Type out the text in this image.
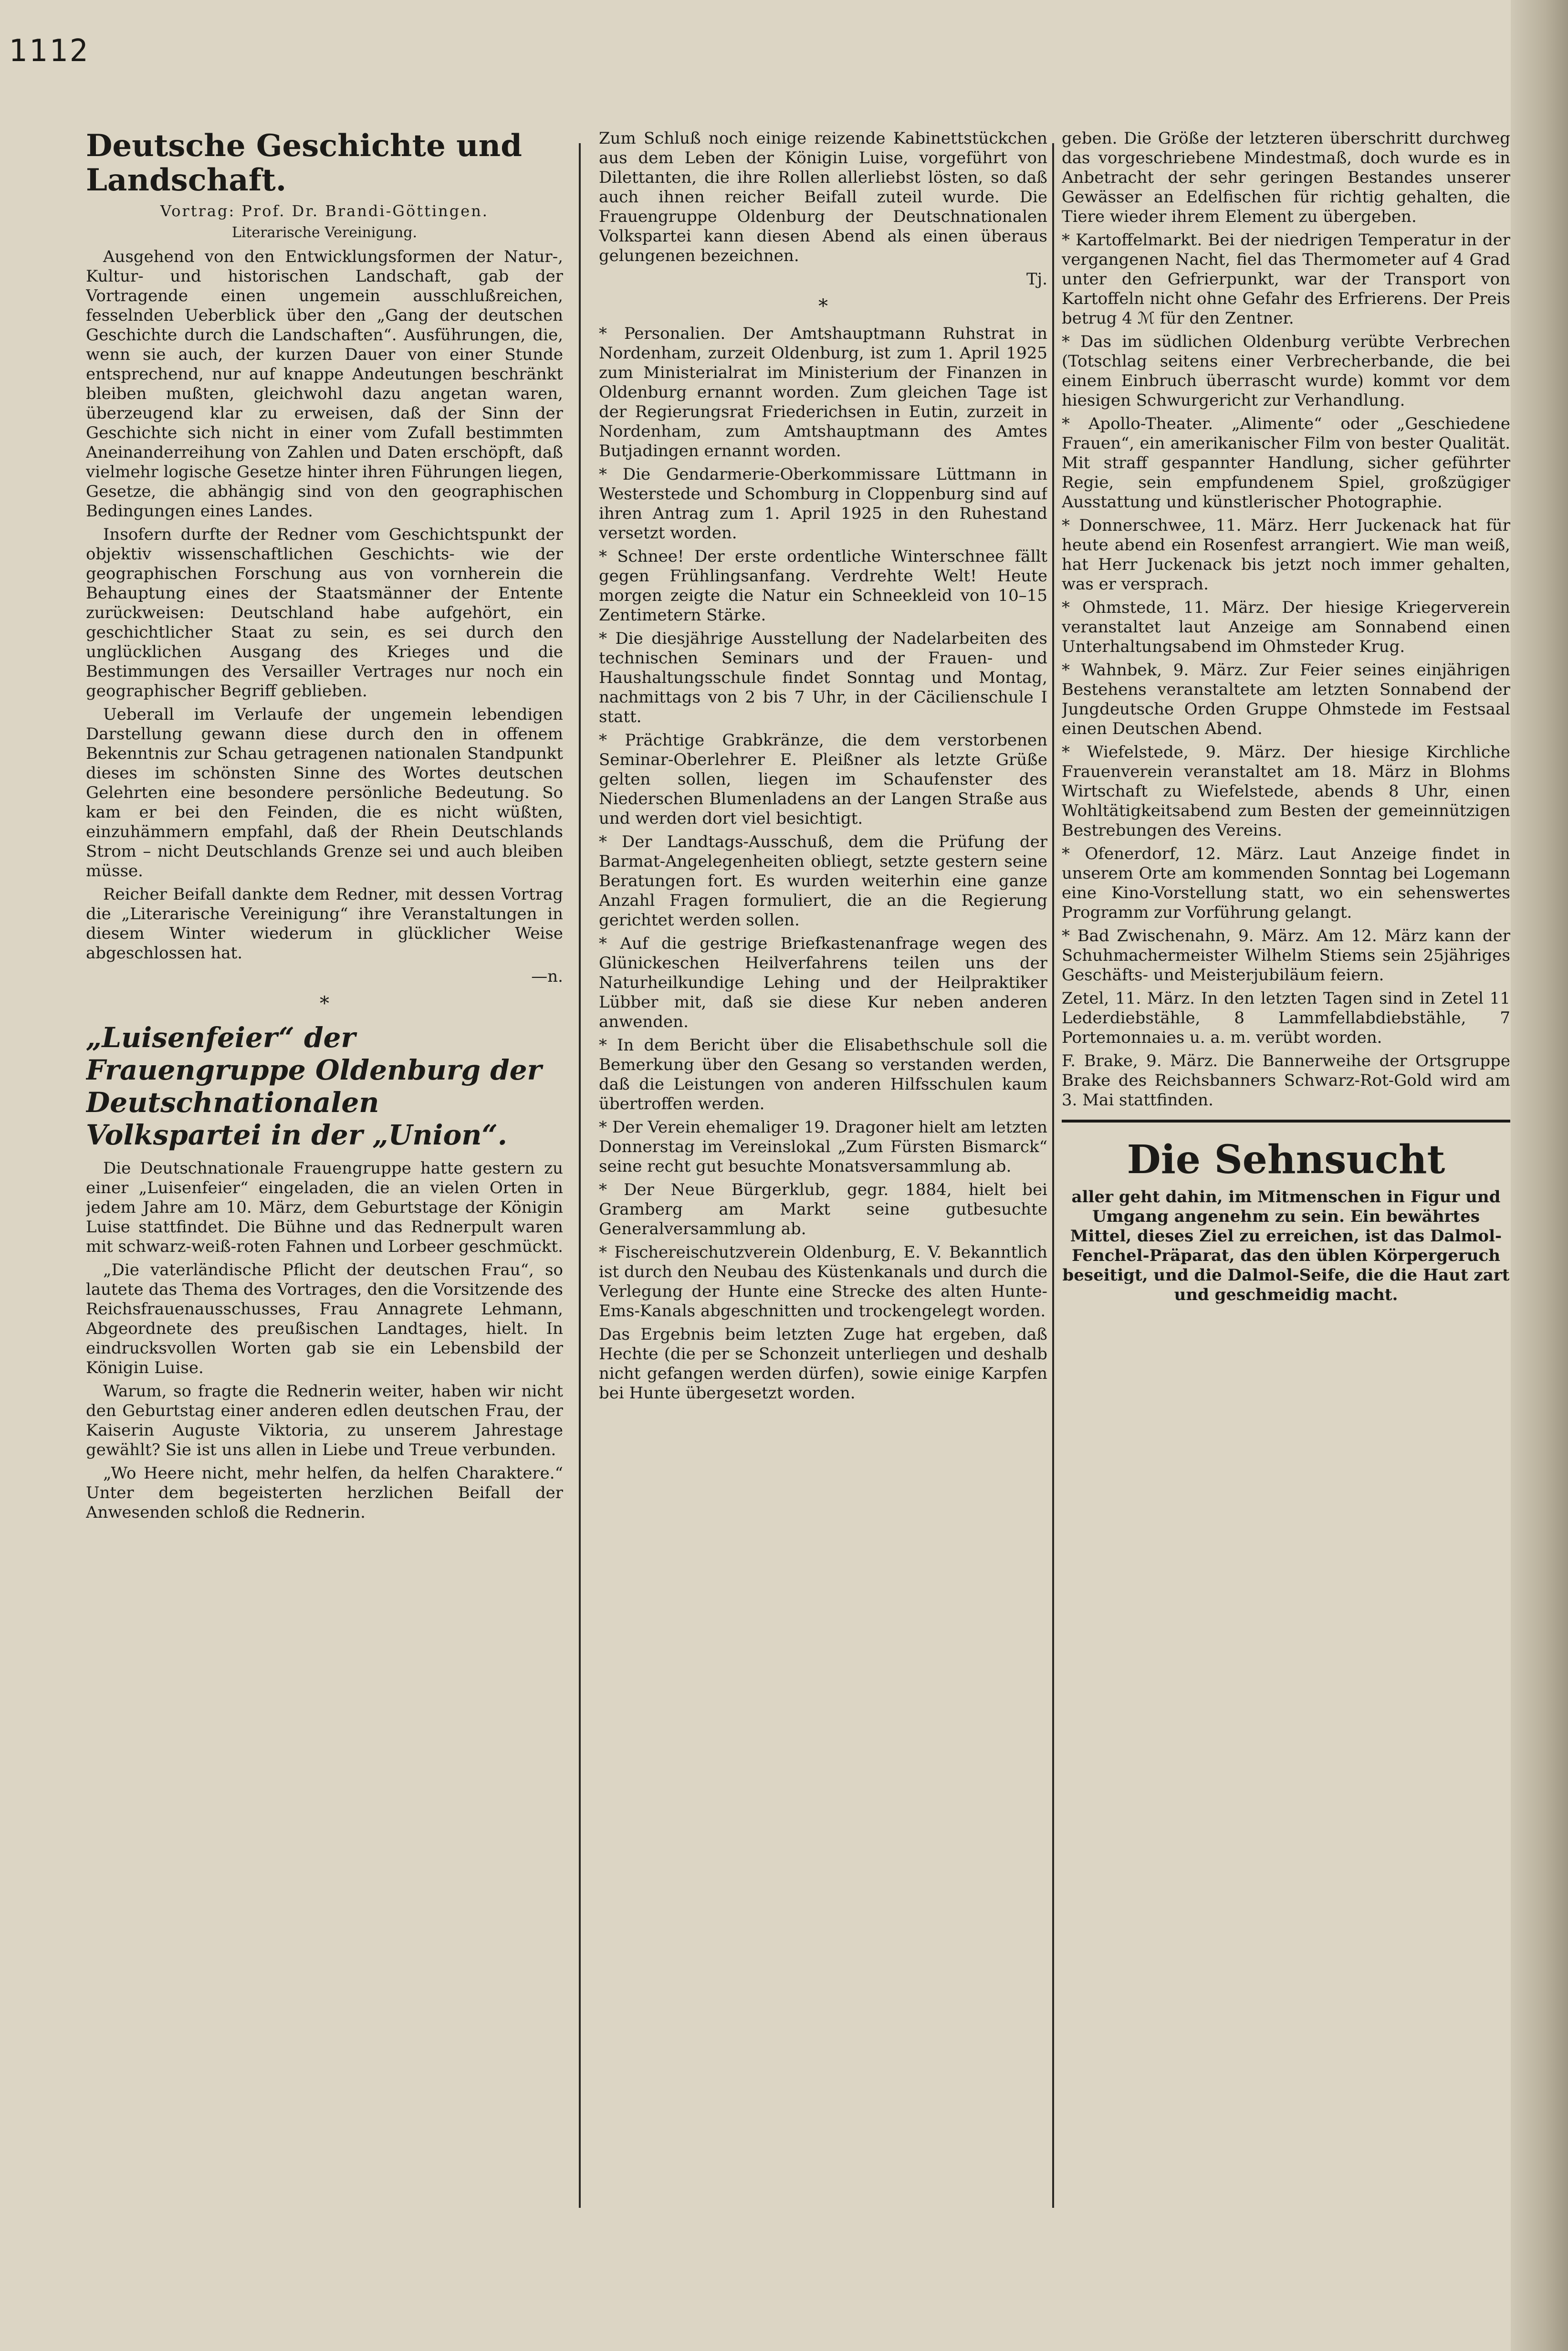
1112
Deutsche Geschichte und Landschaft.
Vortrag: Prof. Dr. Brandi-Göttingen.
Literarische Vereinigung.

Ausgehend von den Entwicklungsformen der Natur-, Kultur- und historischen Landschaft, gab der Vortragende einen ungemein ausschlußreichen, fesselnden Ueberblick über den „Gang der deutschen Geschichte durch die Landschaften“. Ausführungen, die, wenn sie auch, der kurzen Dauer von einer Stunde entsprechend, nur auf knappe Andeutungen beschränkt bleiben mußten, gleichwohl dazu angetan waren, überzeugend klar zu erweisen, daß der Sinn der Geschichte sich nicht in einer vom Zufall bestimmten Aneinanderreihung von Zahlen und Daten erschöpft, daß vielmehr logische Gesetze hinter ihren Führungen liegen, Gesetze, die abhängig sind von den geographischen Bedingungen eines Landes.

Insofern durfte der Redner vom Geschichtspunkt der objektiv wissenschaftlichen Geschichts- wie der geographischen Forschung aus von vornherein die Behauptung eines der Staatsmänner der Entente zurückweisen: Deutschland habe aufgehört, ein geschichtlicher Staat zu sein, es sei durch den unglücklichen Ausgang des Krieges und die Bestimmungen des Versailler Vertrages nur noch ein geographischer Begriff geblieben.

Ueberall im Verlaufe der ungemein lebendigen Darstellung gewann diese durch den in offenem Bekenntnis zur Schau getragenen nationalen Standpunkt dieses im schönsten Sinne des Wortes deutschen Gelehrten eine besondere persönliche Bedeutung. So kam er bei den Feinden, die es nicht wüßten, einzuhämmern empfahl, daß der Rhein Deutschlands Strom – nicht Deutschlands Grenze sei und auch bleiben müsse.

Reicher Beifall dankte dem Redner, mit dessen Vortrag die „Literarische Vereinigung“ ihre Veranstaltungen in diesem Winter wiederum in glücklicher Weise abgeschlossen hat.

—n.
*
„Luisenfeier“ der Frauengruppe Oldenburg der Deutschnationalen Volkspartei in der „Union“.

Die Deutschnationale Frauengruppe hatte gestern zu einer „Luisenfeier“ eingeladen, die an vielen Orten in jedem Jahre am 10. März, dem Geburtstage der Königin Luise stattfindet. Die Bühne und das Rednerpult waren mit schwarz-weiß-roten Fahnen und Lorbeer geschmückt.

„Die vaterländische Pflicht der deutschen Frau“, so lautete das Thema des Vortrages, den die Vorsitzende des Reichsfrauenausschusses, Frau Annagrete Lehmann, Abgeordnete des preußischen Landtages, hielt. In eindrucksvollen Worten gab sie ein Lebensbild der Königin Luise.

Warum, so fragte die Rednerin weiter, haben wir nicht den Geburtstag einer anderen edlen deutschen Frau, der Kaiserin Auguste Viktoria, zu unserem Jahrestage gewählt? Sie ist uns allen in Liebe und Treue verbunden.

„Wo Heere nicht, mehr helfen, da helfen Charaktere.“ Unter dem begeisterten herzlichen Beifall der Anwesenden schloß die Rednerin.

Zum Schluß noch einige reizende Kabinettstückchen aus dem Leben der Königin Luise, vorgeführt von Dilettanten, die ihre Rollen allerliebst lösten, so daß auch ihnen reicher Beifall zuteil wurde. Die Frauengruppe Oldenburg der Deutschnationalen Volkspartei kann diesen Abend als einen überaus gelungenen bezeichnen.

Tj.
*

* Personalien. Der Amtshauptmann Ruhstrat in Nordenham, zurzeit Oldenburg, ist zum 1. April 1925 zum Ministerialrat im Ministerium der Finanzen in Oldenburg ernannt worden. Zum gleichen Tage ist der Regierungsrat Friederichsen in Eutin, zurzeit in Nordenham, zum Amtshauptmann des Amtes Butjadingen ernannt worden.

* Die Gendarmerie-Oberkommissare Lüttmann in Westerstede und Schomburg in Cloppenburg sind auf ihren Antrag zum 1. April 1925 in den Ruhestand versetzt worden.

* Schnee! Der erste ordentliche Winterschnee fällt gegen Frühlingsanfang. Verdrehte Welt! Heute morgen zeigte die Natur ein Schneekleid von 10–15 Zentimetern Stärke.

* Die diesjährige Ausstellung der Nadelarbeiten des technischen Seminars und der Frauen- und Haushaltungsschule findet Sonntag und Montag, nachmittags von 2 bis 7 Uhr, in der Cäcilienschule I statt.

* Prächtige Grabkränze, die dem verstorbenen Seminar-Oberlehrer E. Pleißner als letzte Grüße gelten sollen, liegen im Schaufenster des Niederschen Blumenladens an der Langen Straße aus und werden dort viel besichtigt.

* Der Landtags-Ausschuß, dem die Prüfung der Barmat-Angelegenheiten obliegt, setzte gestern seine Beratungen fort. Es wurden weiterhin eine ganze Anzahl Fragen formuliert, die an die Regierung gerichtet werden sollen.

* Auf die gestrige Briefkastenanfrage wegen des Glünickeschen Heilverfahrens teilen uns der Naturheilkundige Lehing und der Heilpraktiker Lübber mit, daß sie diese Kur neben anderen anwenden.

* In dem Bericht über die Elisabethschule soll die Bemerkung über den Gesang so verstanden werden, daß die Leistungen von anderen Hilfsschulen kaum übertroffen werden.

* Der Verein ehemaliger 19. Dragoner hielt am letzten Donnerstag im Vereinslokal „Zum Fürsten Bismarck“ seine recht gut besuchte Monatsversammlung ab.

* Der Neue Bürgerklub, gegr. 1884, hielt bei Gramberg am Markt seine gutbesuchte Generalversammlung ab.

* Fischereischutzverein Oldenburg, E. V. Bekanntlich ist durch den Neubau des Küstenkanals und durch die Verlegung der Hunte eine Strecke des alten Hunte-Ems-Kanals abgeschnitten und trockengelegt worden.

Das Ergebnis beim letzten Zuge hat ergeben, daß Hechte (die per se Schonzeit unterliegen und deshalb nicht gefangen werden dürfen), sowie einige Karpfen bei Hunte übergesetzt worden.

geben. Die Größe der letzteren überschritt durchweg das vorgeschriebene Mindestmaß, doch wurde es in Anbetracht der sehr geringen Bestandes unserer Gewässer an Edelfischen für richtig gehalten, die Tiere wieder ihrem Element zu übergeben.

* Kartoffelmarkt. Bei der niedrigen Temperatur in der vergangenen Nacht, fiel das Thermometer auf 4 Grad unter den Gefrierpunkt, war der Transport von Kartoffeln nicht ohne Gefahr des Erfrierens. Der Preis betrug 4 ℳ für den Zentner.

* Das im südlichen Oldenburg verübte Verbrechen (Totschlag seitens einer Verbrecherbande, die bei einem Einbruch überrascht wurde) kommt vor dem hiesigen Schwurgericht zur Verhandlung.

* Apollo-Theater. „Alimente“ oder „Geschiedene Frauen“, ein amerikanischer Film von bester Qualität. Mit straff gespannter Handlung, sicher geführter Regie, sein empfundenem Spiel, großzügiger Ausstattung und künstlerischer Photographie.

* Donnerschwee, 11. März. Herr Juckenack hat für heute abend ein Rosenfest arrangiert. Wie man weiß, hat Herr Juckenack bis jetzt noch immer gehalten, was er versprach.

* Ohmstede, 11. März. Der hiesige Kriegerverein veranstaltet laut Anzeige am Sonnabend einen Unterhaltungsabend im Ohmsteder Krug.

* Wahnbek, 9. März. Zur Feier seines einjährigen Bestehens veranstaltete am letzten Sonnabend der Jungdeutsche Orden Gruppe Ohmstede im Festsaal einen Deutschen Abend.

* Wiefelstede, 9. März. Der hiesige Kirchliche Frauenverein veranstaltet am 18. März in Blohms Wirtschaft zu Wiefelstede, abends 8 Uhr, einen Wohltätigkeitsabend zum Besten der gemeinnützigen Bestrebungen des Vereins.

* Ofenerdorf, 12. März. Laut Anzeige findet in unserem Orte am kommenden Sonntag bei Logemann eine Kino-Vorstellung statt, wo ein sehenswertes Programm zur Vorführung gelangt.

* Bad Zwischenahn, 9. März. Am 12. März kann der Schuhmachermeister Wilhelm Stiems sein 25jähriges Geschäfts- und Meisterjubiläum feiern.

Zetel, 11. März. In den letzten Tagen sind in Zetel 11 Lederdiebstähle, 8 Lammfellabdiebstähle, 7 Portemonnaies u. a. m. verübt worden.

F. Brake, 9. März. Die Bannerweihe der Ortsgruppe Brake des Reichsbanners Schwarz-Rot-Gold wird am 3. Mai stattfinden.

Die Sehnsucht

aller geht dahin, im Mitmenschen in Figur und Umgang angenehm zu sein. Ein bewährtes Mittel, dieses Ziel zu erreichen, ist das Dalmol-Fenchel-Präparat, das den üblen Körpergeruch beseitigt, und die Dalmol-Seife, die die Haut zart und geschmeidig macht.
